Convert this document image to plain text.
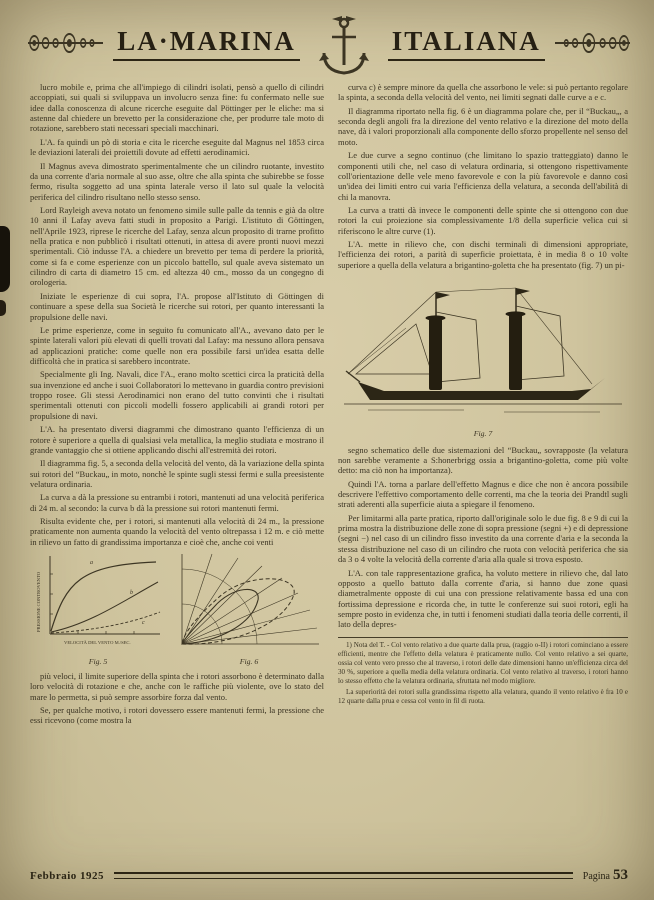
LA·MARINA	ITALIANA

lucro mobile e, prima che all'impiego di cilindri isolati, pensò a quello di cilindri accoppiati, sui quali si sviluppava un involucro senza fine: fu confermato nelle sue idee dalla conoscenza di alcune ricerche eseguite dal Pöttinger per le eliche: ma si astenne dal chiedere un brevetto per la considerazione che, per produrre tale moto di rotazione, sarebbero stati necessari speciali macchinari.

L'A. fa quindi un pò di storia e cita le ricerche eseguite dal Magnus nel 1853 circa le deviazioni laterali dei proiettili dovute ad effetti aerodinamici.

Il Magnus aveva dimostrato sperimentalmente che un cilindro ruotante, investito da una corrente d'aria normale al suo asse, oltre che alla spinta che subirebbe se fosse fermo, risulta soggetto ad una spinta laterale verso il lato sul quale la velocità periferica del cilindro risultano nello stesso senso.

Lord Rayleigh aveva notato un fenomeno simile sulle palle da tennis e già da oltre 10 anni il Lafay aveva fatti studi in proposito a Parigi. L'istituto di Göttingen, nell'Aprile 1923, riprese le ricerche del Lafay, senza alcun proposito di trarne profitto nella pratica e non pubblicò i risultati ottenuti, in attesa di avere pronti nuovi mezzi sperimentali. Ciò indusse l'A. a chiedere un brevetto per tema di perdere la priorità, come si fa e come esperienze con un piccolo battello, sul quale aveva sistemato un cilindro di carta di diametro 15 cm. ed altezza 40 cm., mosso da un congegno di orologeria.

Iniziate le esperienze di cui sopra, l'A. propose all'Istituto di Göttingen di continuare a spese della sua Società le ricerche sui rotori, per quanto interessanti la propulsione delle navi.

Le prime esperienze, come in seguito fu comunicato all'A., avevano dato per le spinte laterali valori più elevati di quelli trovati dal Lafay: ma nessuno allora pensava ad applicazioni pratiche: come quelle non era possibile farsi un'idea esatta delle difficoltà che in pratica si sarebbero incontrate.

Specialmente gli Ing. Navali, dice l'A., erano molto scettici circa la praticità della sua invenzione ed anche i suoi Collaboratori lo mettevano in guardia contro previsioni troppo rosee. Gli stessi Aerodinamici non erano del tutto convinti che i risultati sperimentali ottenuti con piccoli modelli fossero applicabili ai grandi rotori per propulsione di navi.

L'A. ha presentato diversi diagrammi che dimostrano quanto l'efficienza di un rotore è superiore a quella di qualsiasi vela metallica, la meglio studiata e mostrano il grande vantaggio che si ottiene applicando dischi all'estremità dei rotori.

Il diagramma fig. 5, a seconda della velocità del vento, dà la variazione della spinta sui rotori del “Buckau„ in moto, nonchè le spinte sugli stessi fermi e sulla preesistente velatura ordinaria.

La curva a dà la pressione su entrambi i rotori, mantenuti ad una velocità periferica di 24 m. al secondo: la curva b dà la pressione sui rotori mantenuti fermi.

Risulta evidente che, per i rotori, si mantenuti alla velocità di 24 m., la pressione praticamente non aumenta quando la velocità del vento oltrepassa i 12 m. e ciò mette in rilievo un fatto di grandissima importanza e cioè che, anche coi venti

a
b
c
PRESSIONE CONTROVENTO
VELOCITÀ DEL VENTO M./SEC.
Fig. 5	Fig. 6

più veloci, il limite superiore della spinta che i rotori assorbono è determinato dalla loro velocità di rotazione e che, anche con le raffiche più violente, ove lo stato del mare lo permetta, si può sempre assorbire forza dal vento.

Se, per qualche motivo, i rotori dovessero essere mantenuti fermi, la pressione che essi ricevono (come mostra la

curva c) è sempre minore da quella che assorbono le vele: si può pertanto regolare la spinta, a seconda della velocità del vento, nei limiti segnati dalle curve a e c.

Il diagramma riportato nella fig. 6 è un diagramma polare che, per il “Buckau„, a seconda degli angoli fra la direzione del vento relativo e la direzione del moto della nave, dà i valori proporzionali alla componente dello sforzo propellente nel senso del moto.

Le due curve a segno continuo (che limitano lo spazio tratteggiato) danno le componenti utili che, nel caso di velatura ordinaria, si ottengono rispettivamente coll'orientazione delle vele meno favorevole e con la più favorevole e danno così un'idea dei limiti entro cui varia l'efficienza della velatura, a seconda dell'abilità di chi la manovra.

La curva a tratti dà invece le componenti delle spinte che si ottengono con due rotori la cui proiezione sia complessivamente 1/8 della superficie velica cui si riferiscono le altre curve (1).

L'A. mette in rilievo che, con dischi terminali di dimensioni appropriate, l'efficienza dei rotori, a parità di superficie proiettata, è in media 8 o 10 volte superiore a quella della velatura a brigantino-goletta che ha presentato (fig. 7) un pi-

Fig. 7

segno schematico delle due sistemazioni del “Buckau„ sovrapposte (la velatura non sarebbe veramente a S:honerbrigg ossia a brigantino-goletta, come più volte detto: ma ciò non ha importanza).

Quindi l'A. torna a parlare dell'effetto Magnus e dice che non è ancora possibile descrivere l'effettivo comportamento delle correnti, ma che la teoria dei Prandtl sugli strati aderenti alla superficie aiuta a spiegare il fenomeno.

Per limitarmi alla parte pratica, riporto dall'originale solo le due fig. 8 e 9 di cui la prima mostra la distribuzione delle zone di sopra pressione (segni +) e di depressione (segni −) nel caso di un cilindro fisso investito da una corrente d'aria e la seconda la stessa distribuzione nel caso di un cilindro che ruota con velocità periferica che sia da 3 o 4 volte la velocità della corrente d'aria alla quale si trova esposto.

L'A. con tale rappresentazione grafica, ha voluto mettere in rilievo che, dal lato opposto a quello battuto dalla corrente d'aria, si hanno due zone quasi diametralmente opposte di cui una con pressione relativamente bassa ed una con fortissima depressione e ricorda che, in tutte le conferenze sui suoi rotori, egli ha sempre posto in evidenza che, in tutti i fenomeni studiati dalla teoria delle correnti, il lato della depres-

1) Nota del T. - Col vento relativo a due quarte dalla prua, (raggio o-II) i rotori cominciano a essere efficienti, mentre che l'effetto della velatura è praticamente nullo. Col vento relativo a sei quarte, ossia col vento vero presso che al traverso, i rotori delle date dimensioni hanno un'efficienza circa del 30 %, superiore a quella media della velatura ordinaria. Col vento relativo al traverso, i rotori hanno lo stesso effetto che la velatura ordinaria, sfruttata nel modo migliore.

La superiorità dei rotori sulla grandissima rispetto alla velatura, quando il vento relativo è fra 10 e 12 quarte dalla prua e cessa col vento in fil di ruota.

Febbraio 1925	Pagina 53
